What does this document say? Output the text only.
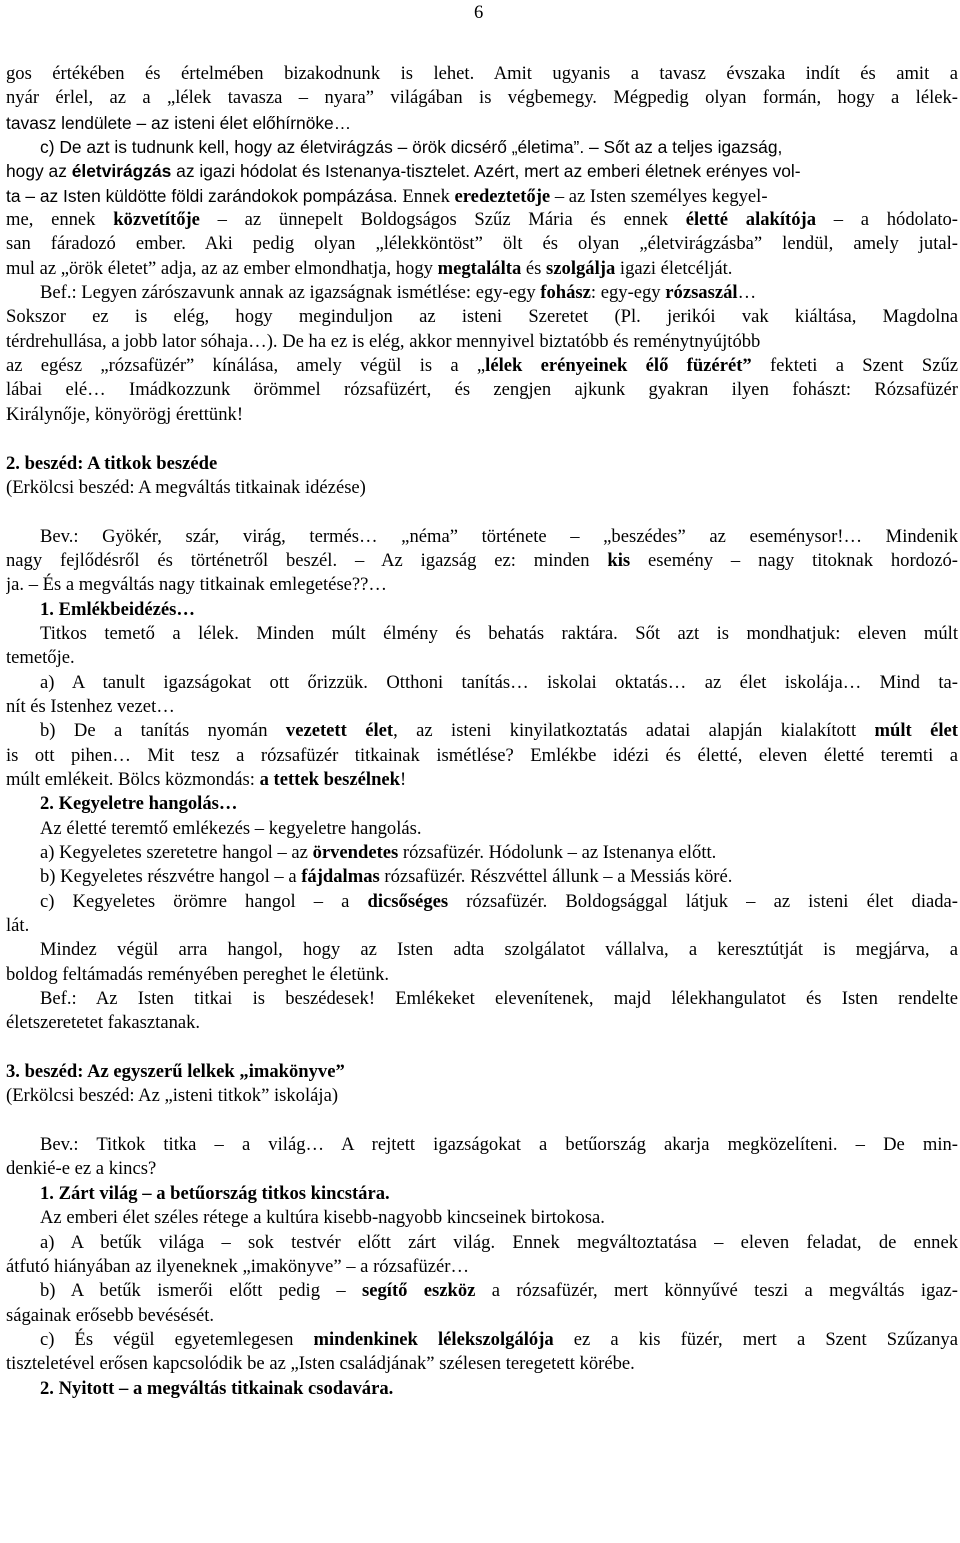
6
gos értékében és értelmében bizakodnunk is lehet. Amit ugyanis a tavasz évszaka indít és amit a
nyár érlel, az a „lélek tavasza – nyara” világában is végbemegy. Mégpedig olyan formán, hogy a lélek-
tavasz lendülete – az isteni élet előhírnöke…
c) De azt is tudnunk kell, hogy az életvirágzás – örök dicsérő „életima”. – Sőt az a teljes igazság,
hogy az életvirágzás az igazi hódolat és Istenanya-tisztelet. Azért, mert az emberi életnek erényes vol-
ta – az Isten küldötte földi zarándokok pompázása. Ennek eredeztetője – az Isten személyes kegyel-
me, ennek közvetítője – az ünnepelt Boldogságos Szűz Mária és ennek életté alakítója – a hódolato-
san fáradozó ember. Aki pedig olyan „lélekköntöst” ölt és olyan „életvirágzásba” lendül, amely jutal-
mul az „örök életet” adja, az az ember elmondhatja, hogy megtalálta és szolgálja igazi életcélját.
Bef.: Legyen zárószavunk annak az igazságnak ismétlése: egy-egy fohász: egy-egy rózsaszál…
Sokszor ez is elég, hogy meginduljon az isteni Szeretet (Pl. jerikói vak kiáltása, Magdolna
térdrehullása, a jobb lator sóhaja…). De ha ez is elég, akkor mennyivel biztatóbb és reménytnyújtóbb
az egész „rózsafüzér” kínálása, amely végül is a „lélek erényeinek élő füzérét” fekteti a Szent Szűz
lábai elé… Imádkozzunk örömmel rózsafüzért, és zengjen ajkunk gyakran ilyen fohászt: Rózsafüzér
Királynője, könyörögj érettünk!
2. beszéd: A titkok beszéde
(Erkölcsi beszéd: A megváltás titkainak idézése)
Bev.: Gyökér, szár, virág, termés… „néma” története – „beszédes” az eseménysor!… Mindenik
nagy fejlődésről és történetről beszél. – Az igazság ez: minden kis esemény – nagy titoknak hordozó-
ja. – És a megváltás nagy titkainak emlegetése??…
1. Emlékbeidézés…
Titkos temető a lélek. Minden múlt élmény és behatás raktára. Sőt azt is mondhatjuk: eleven múlt
temetője.
a) A tanult igazságokat ott őrizzük. Otthoni tanítás… iskolai oktatás… az élet iskolája… Mind ta-
nít és Istenhez vezet…
b) De a tanítás nyomán vezetett élet, az isteni kinyilatkoztatás adatai alapján kialakított múlt élet
is ott pihen… Mit tesz a rózsafüzér titkainak ismétlése? Emlékbe idézi és életté, eleven életté teremti a
múlt emlékeit. Bölcs közmondás: a tettek beszélnek!
2. Kegyeletre hangolás…
Az életté teremtő emlékezés – kegyeletre hangolás.
a) Kegyeletes szeretetre hangol – az örvendetes rózsafüzér. Hódolunk – az Istenanya előtt.
b) Kegyeletes részvétre hangol – a fájdalmas rózsafüzér. Részvéttel állunk – a Messiás köré.
c) Kegyeletes örömre hangol – a dicsőséges rózsafüzér. Boldogsággal látjuk – az isteni élet diada-
lát.
Mindez végül arra hangol, hogy az Isten adta szolgálatot vállalva, a keresztútját is megjárva, a
boldog feltámadás reményében pereghet le életünk.
Bef.: Az Isten titkai is beszédesek! Emlékeket elevenítenek, majd lélekhangulatot és Isten rendelte
életszeretetet fakasztanak.
3. beszéd: Az egyszerű lelkek „imakönyve”
(Erkölcsi beszéd: Az „isteni titkok” iskolája)
Bev.: Titkok titka – a világ… A rejtett igazságokat a betűország akarja megközelíteni. – De min-
denkié-e ez a kincs?
1. Zárt világ – a betűország titkos kincstára.
Az emberi élet széles rétege a kultúra kisebb-nagyobb kincseinek birtokosa.
a) A betűk világa – sok testvér előtt zárt világ. Ennek megváltoztatása – eleven feladat, de ennek
átfutó hiányában az ilyeneknek „imakönyve” – a rózsafüzér…
b) A betűk ismerői előtt pedig – segítő eszköz a rózsafüzér, mert könnyűvé teszi a megváltás igaz-
ságainak erősebb bevésését.
c) És végül egyetemlegesen mindenkinek lélekszolgálója ez a kis füzér, mert a Szent Szűzanya
tiszteletével erősen kapcsolódik be az „Isten családjának” szélesen teregetett körébe.
2. Nyitott – a megváltás titkainak csodavára.
